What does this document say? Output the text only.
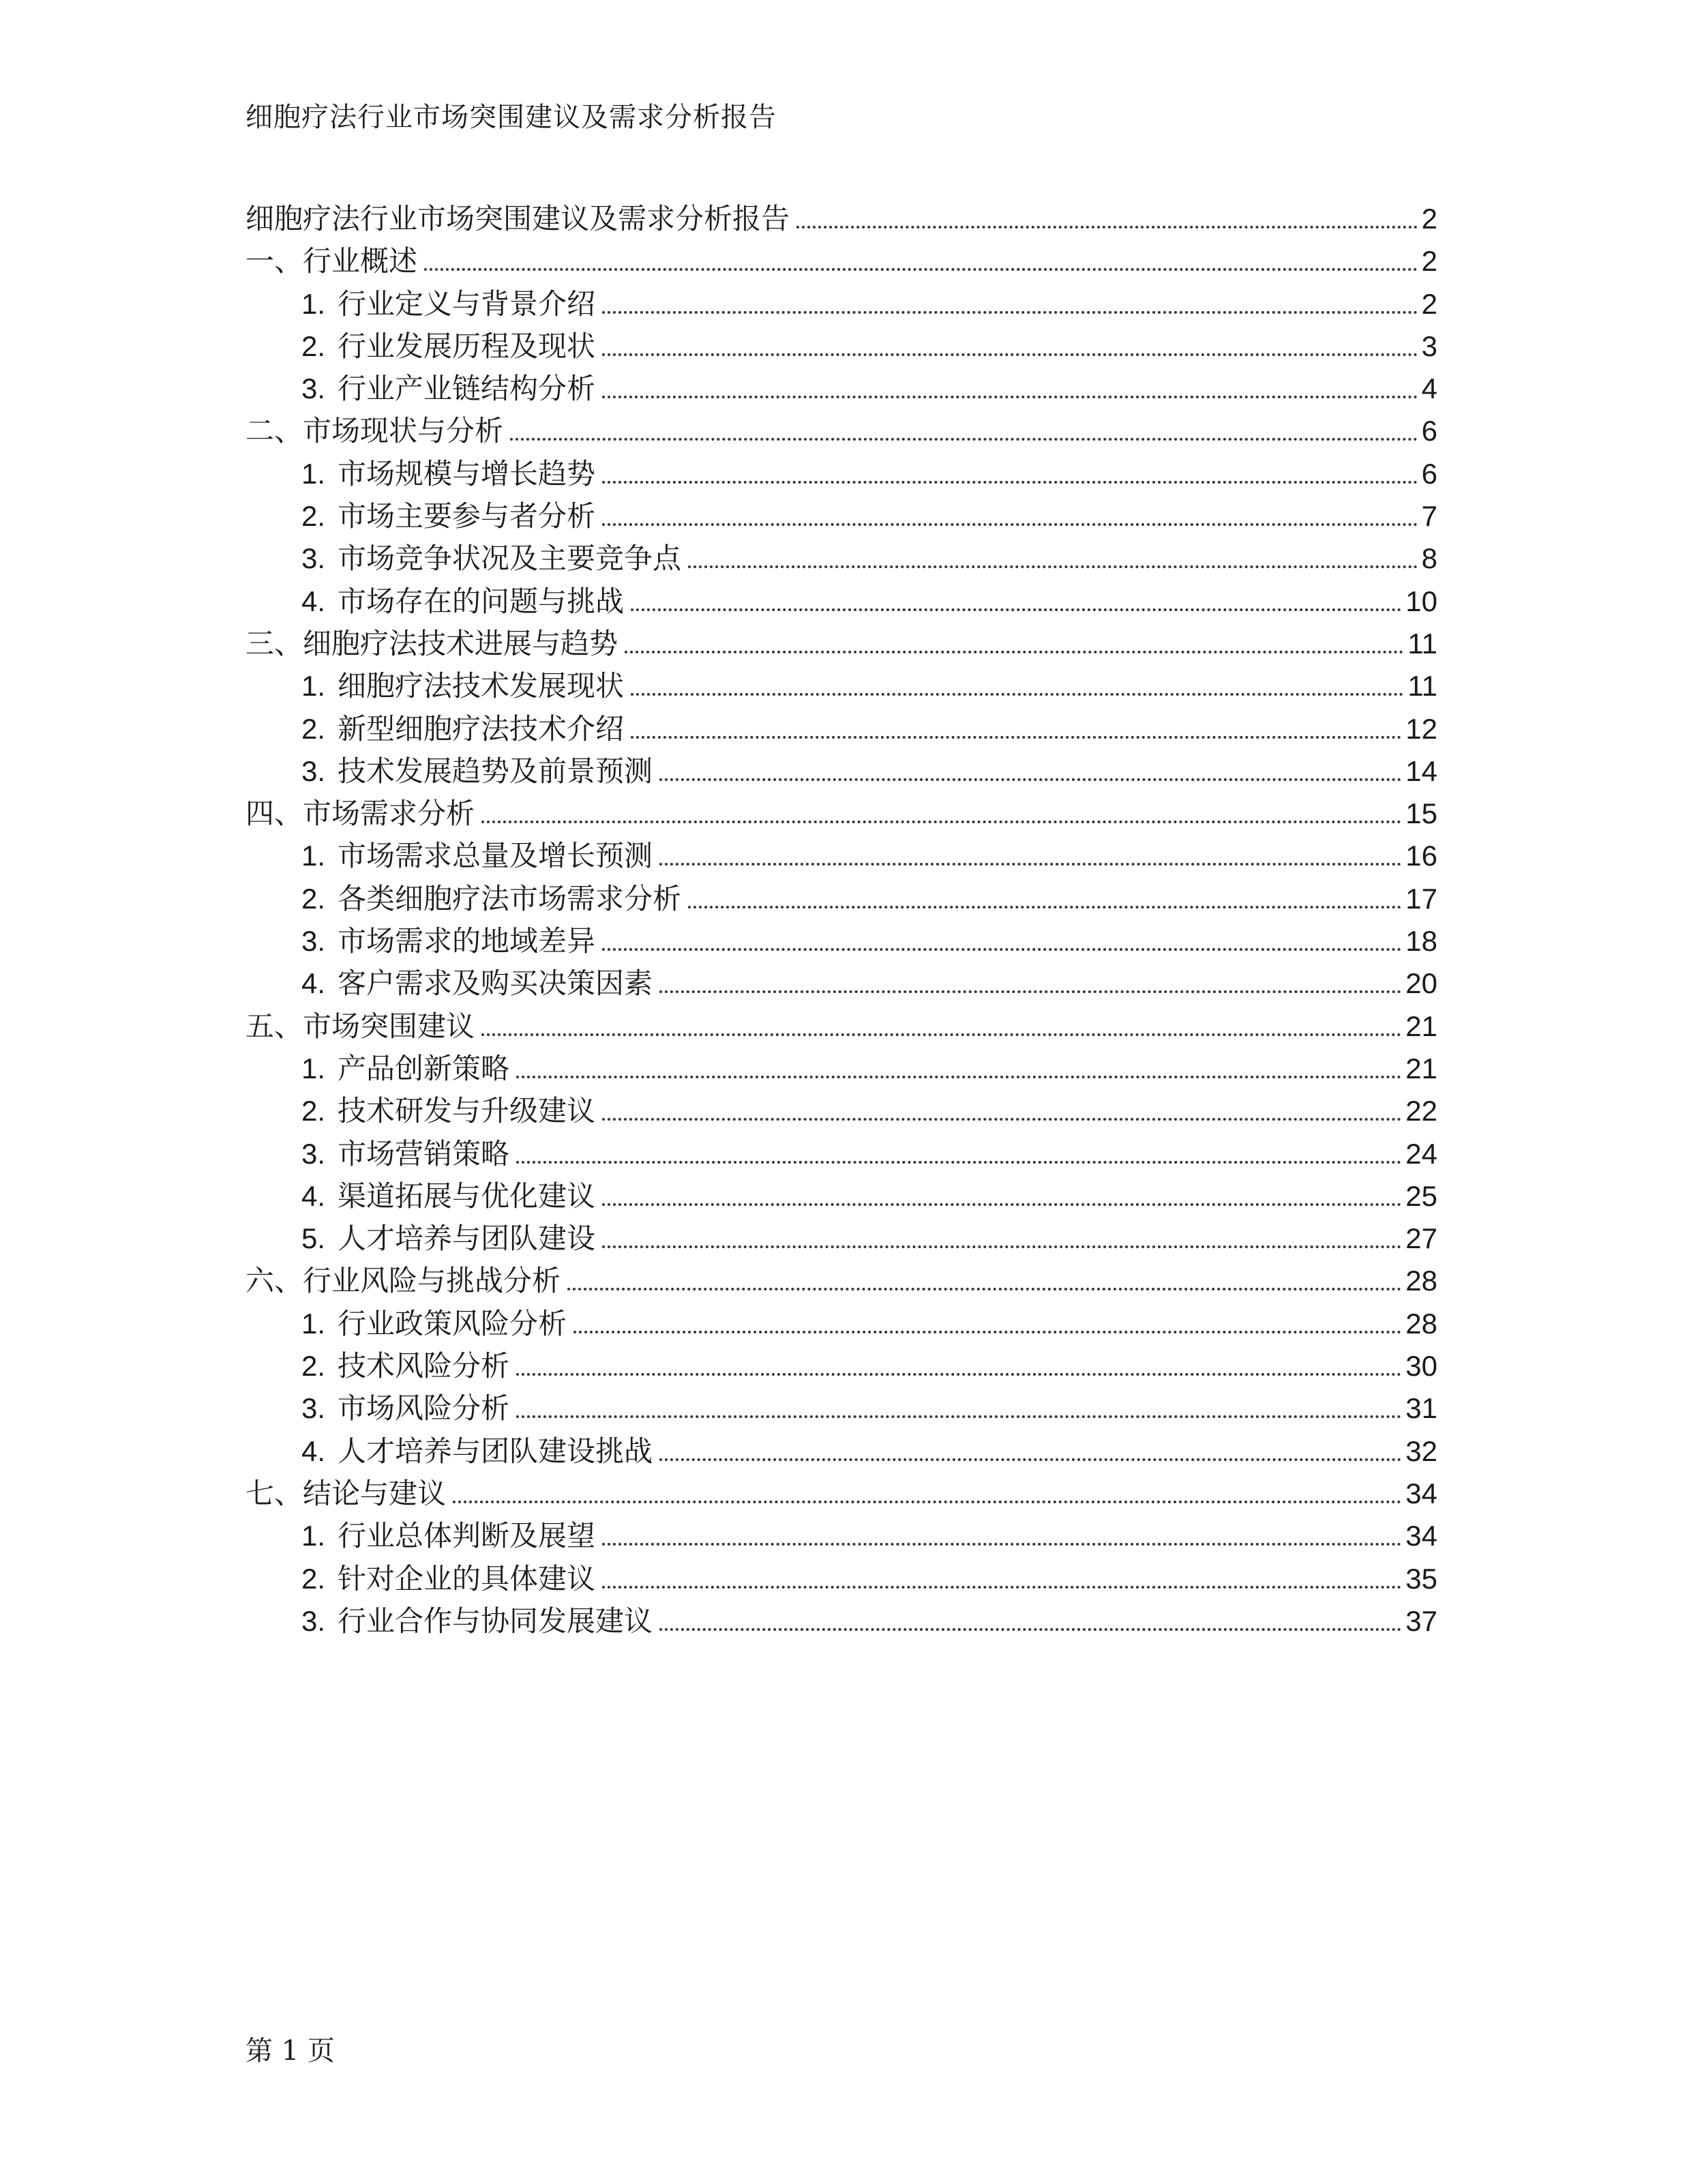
细胞疗法行业市场突围建议及需求分析报告
细胞疗法行业市场突围建议及需求分析报告	2
一、行业概述	2
1. 行业定义与背景介绍	2
2. 行业发展历程及现状	3
3. 行业产业链结构分析	4
二、市场现状与分析	6
1. 市场规模与增长趋势	6
2. 市场主要参与者分析	7
3. 市场竞争状况及主要竞争点	8
4. 市场存在的问题与挑战	10
三、细胞疗法技术进展与趋势	11
1. 细胞疗法技术发展现状	11
2. 新型细胞疗法技术介绍	12
3. 技术发展趋势及前景预测	14
四、市场需求分析	15
1. 市场需求总量及增长预测	16
2. 各类细胞疗法市场需求分析	17
3. 市场需求的地域差异	18
4. 客户需求及购买决策因素	20
五、市场突围建议	21
1. 产品创新策略	21
2. 技术研发与升级建议	22
3. 市场营销策略	24
4. 渠道拓展与优化建议	25
5. 人才培养与团队建设	27
六、行业风险与挑战分析	28
1. 行业政策风险分析	28
2. 技术风险分析	30
3. 市场风险分析	31
4. 人才培养与团队建设挑战	32
七、结论与建议	34
1. 行业总体判断及展望	34
2. 针对企业的具体建议	35
3. 行业合作与协同发展建议	37
第 1 页
